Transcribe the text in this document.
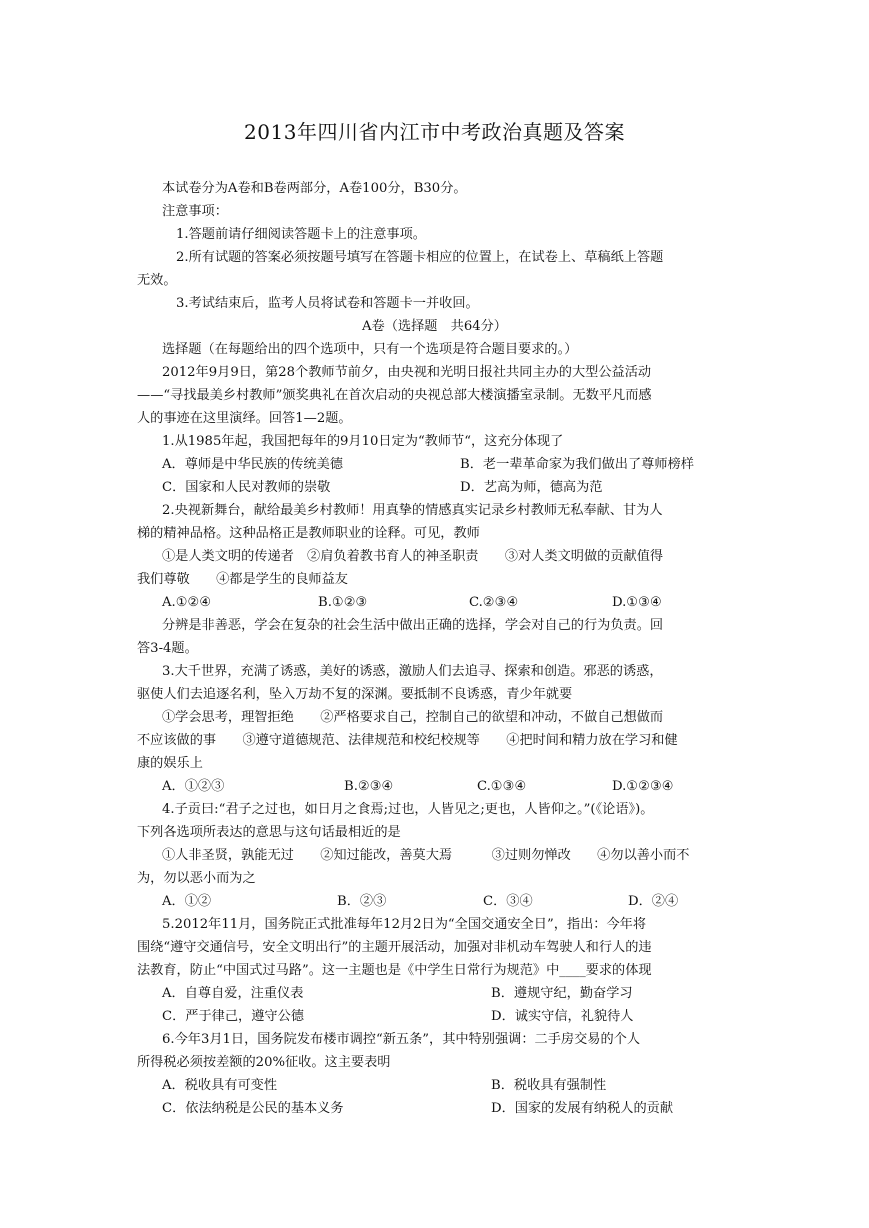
2013年四川省内江市中考政治真题及答案
本试卷分为A卷和B卷两部分，A卷100分，B30分。
注意事项：
1.答题前请仔细阅读答题卡上的注意事项。
2.所有试题的答案必须按题号填写在答题卡相应的位置上，在试卷上、草稿纸上答题
无效。
3.考试结束后，监考人员将试卷和答题卡一并收回。
A卷（选择题　共64分）
选择题（在每题给出的四个选项中，只有一个选项是符合题目要求的。）
2012年9月9日，第28个教师节前夕，由央视和光明日报社共同主办的大型公益活动
——“寻找最美乡村教师”颁奖典礼在首次启动的央视总部大楼演播室录制。无数平凡而感
人的事迹在这里演绎。回答1—2题。
1.从1985年起，我国把每年的9月10日定为“教师节“，这充分体现了
A．尊师是中华民族的传统美德	B．老一辈革命家为我们做出了尊师榜样
C．国家和人民对教师的崇敬	D．艺高为师，德高为范
2.央视新舞台，献给最美乡村教师！用真挚的情感真实记录乡村教师无私奉献、甘为人
梯的精神品格。这种品格正是教师职业的诠释。可见，教师
①是人类文明的传递者　②肩负着教书育人的神圣职责　　③对人类文明做的贡献值得
我们尊敬　　④都是学生的良师益友
A.①②④	B.①②③	C.②③④	D.①③④
分辨是非善恶，学会在复杂的社会生活中做出正确的选择，学会对自己的行为负责。回
答3-4题。
3.大千世界，充满了诱惑，美好的诱惑，激励人们去追寻、探索和创造。邪恶的诱惑，
驱使人们去追逐名利，坠入万劫不复的深渊。要抵制不良诱惑，青少年就要
①学会思考，理智拒绝　　②严格要求自己，控制自己的欲望和冲动，不做自己想做而
不应该做的事　　③遵守道德规范、法律规范和校纪校规等　　④把时间和精力放在学习和健
康的娱乐上
A．①②③	B.②③④	C.①③④	D.①②③④
4.子贡曰:“君子之过也，如日月之食焉;过也，人皆见之;更也，人皆仰之。”(《论语》)。
下列各选项所表达的意思与这句话最相近的是
①人非圣贤，孰能无过　　②知过能改，善莫大焉　　　③过则勿惮改　　④勿以善小而不
为，勿以恶小而为之
A．①②	B．②③	C．③④	D．②④
5.2012年11月，国务院正式批准每年12月2日为“全国交通安全日”，指出：今年将
围绕“遵守交通信号，安全文明出行”的主题开展活动，加强对非机动车驾驶人和行人的违
法教育，防止“中国式过马路”。这一主题也是《中学生日常行为规范》中____要求的体现
A．自尊自爱，注重仪表	B．遵规守纪，勤奋学习
C．严于律己，遵守公德	D．诚实守信，礼貌待人
6.今年3月1日，国务院发布楼市调控“新五条”，其中特别强调：二手房交易的个人
所得税必须按差额的20%征收。这主要表明
A．税收具有可变性	B．税收具有强制性
C．依法纳税是公民的基本义务	D．国家的发展有纳税人的贡献
